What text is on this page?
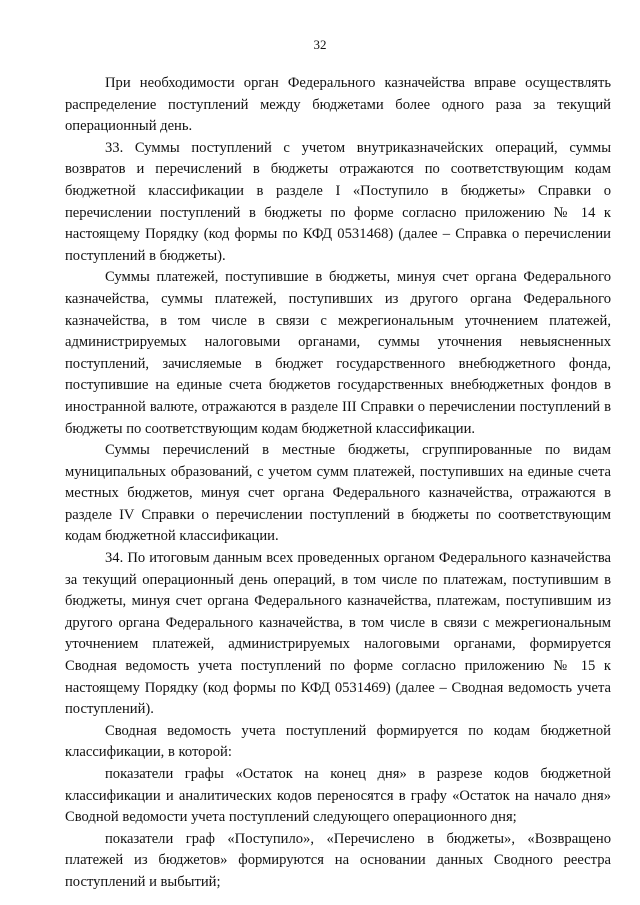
32

При необходимости орган Федерального казначейства вправе осуществлять распределение поступлений между бюджетами более одного раза за текущий операционный день.

33. Суммы поступлений с учетом внутриказначейских операций, суммы возвратов и перечислений в бюджеты отражаются по соответствующим кодам бюджетной классификации в разделе I «Поступило в бюджеты» Справки о перечислении поступлений в бюджеты по форме согласно приложению № 14 к настоящему Порядку (код формы по КФД 0531468) (далее – Справка о перечислении поступлений в бюджеты).

Суммы платежей, поступившие в бюджеты, минуя счет органа Федерального казначейства, суммы платежей, поступивших из другого органа Федерального казначейства, в том числе в связи с межрегиональным уточнением платежей, администрируемых налоговыми органами, суммы уточнения невыясненных поступлений, зачисляемые в бюджет государственного внебюджетного фонда, поступившие на единые счета бюджетов государственных внебюджетных фондов в иностранной валюте, отражаются в разделе III Справки о перечислении поступлений в бюджеты по соответствующим кодам бюджетной классификации.

Суммы перечислений в местные бюджеты, сгруппированные по видам муниципальных образований, с учетом сумм платежей, поступивших на единые счета местных бюджетов, минуя счет органа Федерального казначейства, отражаются в разделе IV Справки о перечислении поступлений в бюджеты по соответствующим кодам бюджетной классификации.

34. По итоговым данным всех проведенных органом Федерального казначейства за текущий операционный день операций, в том числе по платежам, поступившим в бюджеты, минуя счет органа Федерального казначейства, платежам, поступившим из другого органа Федерального казначейства, в том числе в связи с межрегиональным уточнением платежей, администрируемых налоговыми органами, формируется Сводная ведомость учета поступлений по форме согласно приложению № 15 к настоящему Порядку (код формы по КФД 0531469) (далее – Сводная ведомость учета поступлений).

Сводная ведомость учета поступлений формируется по кодам бюджетной классификации, в которой:

показатели графы «Остаток на конец дня» в разрезе кодов бюджетной классификации и аналитических кодов переносятся в графу «Остаток на начало дня» Сводной ведомости учета поступлений следующего операционного дня;

показатели граф «Поступило», «Перечислено в бюджеты», «Возвращено платежей из бюджетов» формируются на основании данных Сводного реестра поступлений и выбытий;
